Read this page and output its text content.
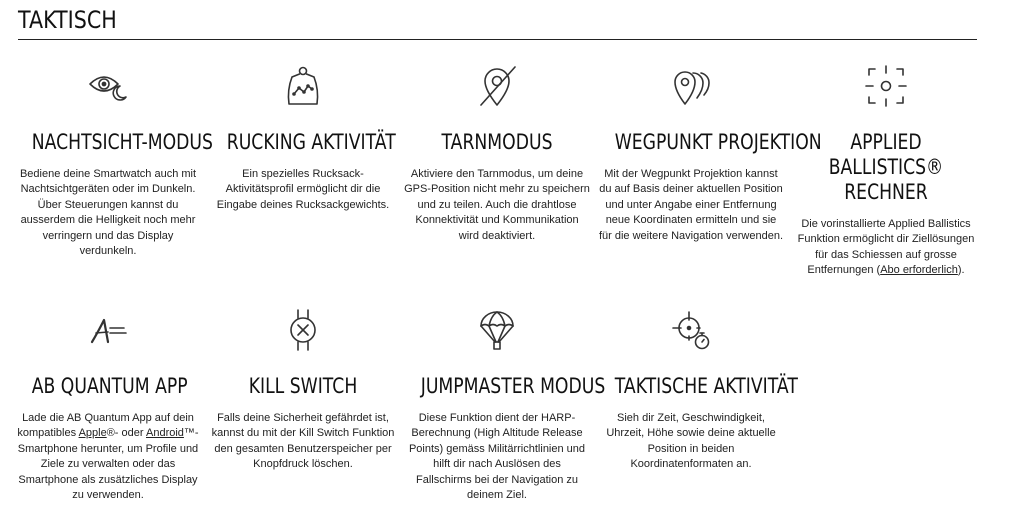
TAKTISCH
NACHTSICHT-MODUS

Bediene deine Smartwatch auch mit Nachtsichtgeräten oder im Dunkeln. Über Steuerungen kannst du ausserdem die Helligkeit noch mehr verringern und das Display verdunkeln.

RUCKING AKTIVITÄT

Ein spezielles Rucksack-Aktivitätsprofil ermöglicht dir die Eingabe deines Rucksackgewichts.

TARNMODUS

Aktiviere den Tarnmodus, um deine GPS-Position nicht mehr zu speichern und zu teilen. Auch die drahtlose Konnektivität und Kommunikation wird deaktiviert.

WEGPUNKT PROJEKTION

Mit der Wegpunkt Projektion kannst du auf Basis deiner aktuellen Position und unter Angabe einer Entfernung neue Koordinaten ermitteln und sie für die weitere Navigation verwenden.

APPLIED BALLISTICS® RECHNER

Die vorinstallierte Applied Ballistics Funktion ermöglicht dir Ziellösungen für das Schiessen auf grosse Entfernungen (Abo erforderlich).

AB QUANTUM APP

Lade die AB Quantum App auf dein kompatibles Apple®- oder Android™-Smartphone herunter, um Profile und Ziele zu verwalten oder das Smartphone als zusätzliches Display zu verwenden.

KILL SWITCH

Falls deine Sicherheit gefährdet ist, kannst du mit der Kill Switch Funktion den gesamten Benutzerspeicher per Knopfdruck löschen.

JUMPMASTER MODUS

Diese Funktion dient der HARP-Berechnung (High Altitude Release Points) gemäss Militärrichtlinien und hilft dir nach Auslösen des Fallschirms bei der Navigation zu deinem Ziel.

TAKTISCHE AKTIVITÄT

Sieh dir Zeit, Geschwindigkeit, Uhrzeit, Höhe sowie deine aktuelle Position in beiden Koordinatenformaten an.
